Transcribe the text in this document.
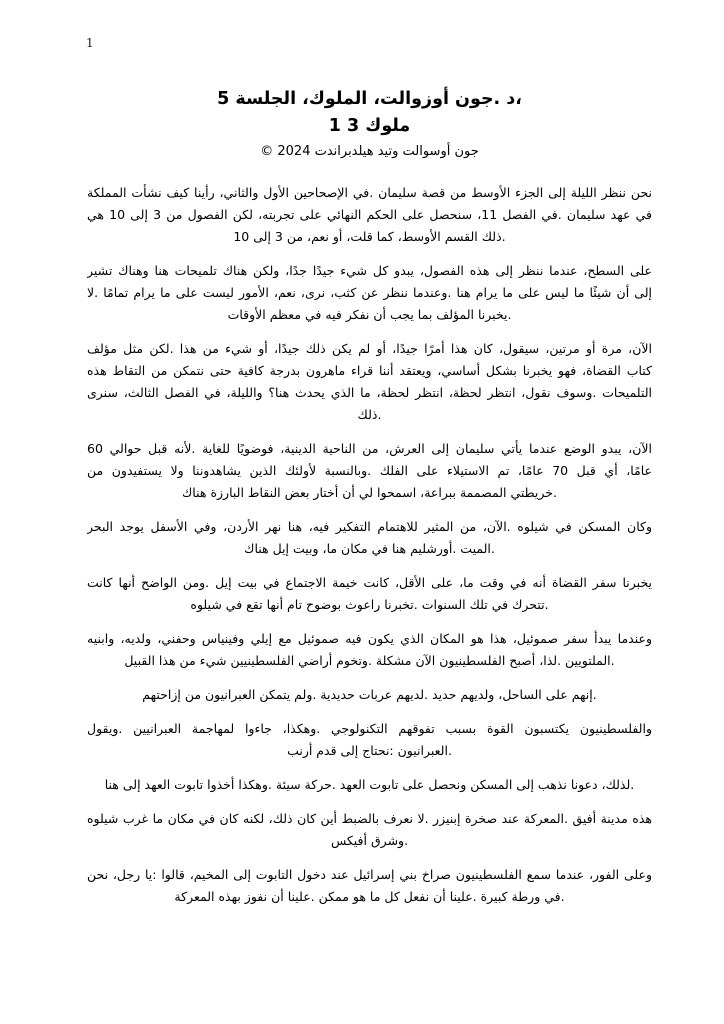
1
،د .جون أوزوالت، الملوك، الجلسة 5
ملوك 3 1
جون أوسوالت وتيد هيلدبراندت 2024 ©
نحن ننظر الليلة إلى الجزء الأوسط من قصة سليمان .في الإصحاحين الأول والثاني، رأينا كيف نشأت المملكة
في عهد سليمان .في الفصل 11، سنحصل على الحكم النهائي على تجربته، لكن الفصول من 3 إلى 10 هي
.ذلك القسم الأوسط، كما قلت، أو نعم، من 3 إلى 10
على السطح، عندما ننظر إلى هذه الفصول، يبدو كل شيء جيدًا جدًا، ولكن هناك تلميحات هنا وهناك تشير
إلى أن شيئًا ما ليس على ما يرام هنا .وعندما ننظر عن كثب، نرى، نعم، الأمور ليست على ما يرام تمامًا .لا
.يخبرنا المؤلف بما يجب أن نفكر فيه في معظم الأوقات
الآن، مرة أو مرتين، سيقول، كان هذا أمرًا جيدًا، أو لم يكن ذلك جيدًا، أو شيء من هذا .لكن مثل مؤلف
كتاب القضاة، فهو يخبرنا بشكل أساسي، ويعتقد أننا قراء ماهرون بدرجة كافية حتى نتمكن من التقاط هذه
التلميحات .وسوف نقول، انتظر لحظة، انتظر لحظة، ما الذي يحدث هنا؟ والليلة، في الفصل الثالث، سنرى
.ذلك
الآن، يبدو الوضع عندما يأتي سليمان إلى العرش، من الناحية الدينية، فوضويًا للغاية .لأنه قبل حوالي 60
عامًا، أي قبل 70 عامًا، تم الاستيلاء على الفلك .وبالنسبة لأولئك الذين يشاهدوننا ولا يستفيدون من
.خريطتي المصممة ببراعة، اسمحوا لي أن أختار بعض النقاط البارزة هناك
وكان المسكن في شيلوه .الآن، من المثير للاهتمام التفكير فيه، هنا نهر الأردن، وفي الأسفل يوجد البحر
.الميت .أورشليم هنا في مكان ما، وبيت إيل هناك
يخبرنا سفر القضاة أنه في وقت ما، على الأقل، كانت خيمة الاجتماع في بيت إيل .ومن الواضح أنها كانت
.تتحرك في تلك السنوات .تخبرنا راعوث بوضوح تام أنها تقع في شيلوه
وعندما يبدأ سفر صموئيل، هذا هو المكان الذي يكون فيه صموئيل مع إيلي وفينياس وحفني، ولديه، وابنيه
.الملتويين .لذا، أصبح الفلسطينيون الآن مشكلة .وتخوم أراضي الفلسطينيين شيء من هذا القبيل
.إنهم على الساحل، ولديهم حديد .لديهم عربات حديدية .ولم يتمكن العبرانيون من إزاحتهم
والفلسطينيون يكتسبون القوة بسبب تفوقهم التكنولوجي .وهكذا، جاءوا لمهاجمة العبرانيين .ويقول
.العبرانيون :نحتاج إلى قدم أرنب
.لذلك، دعونا نذهب إلى المسكن ونحصل على تابوت العهد .حركة سيئة .وهكذا أخذوا تابوت العهد إلى هنا
هذه مدينة أفيق .المعركة عند صخرة إبنيزر .لا نعرف بالضبط أين كان ذلك، لكنه كان في مكان ما غرب شيلوه
.وشرق أفيكس
وعلى الفور، عندما سمع الفلسطينيون صراخ بني إسرائيل عند دخول التابوت إلى المخيم، قالوا :يا رجل، نحن
.في ورطة كبيرة .علينا أن نفعل كل ما هو ممكن .علينا أن نفوز بهذه المعركة
